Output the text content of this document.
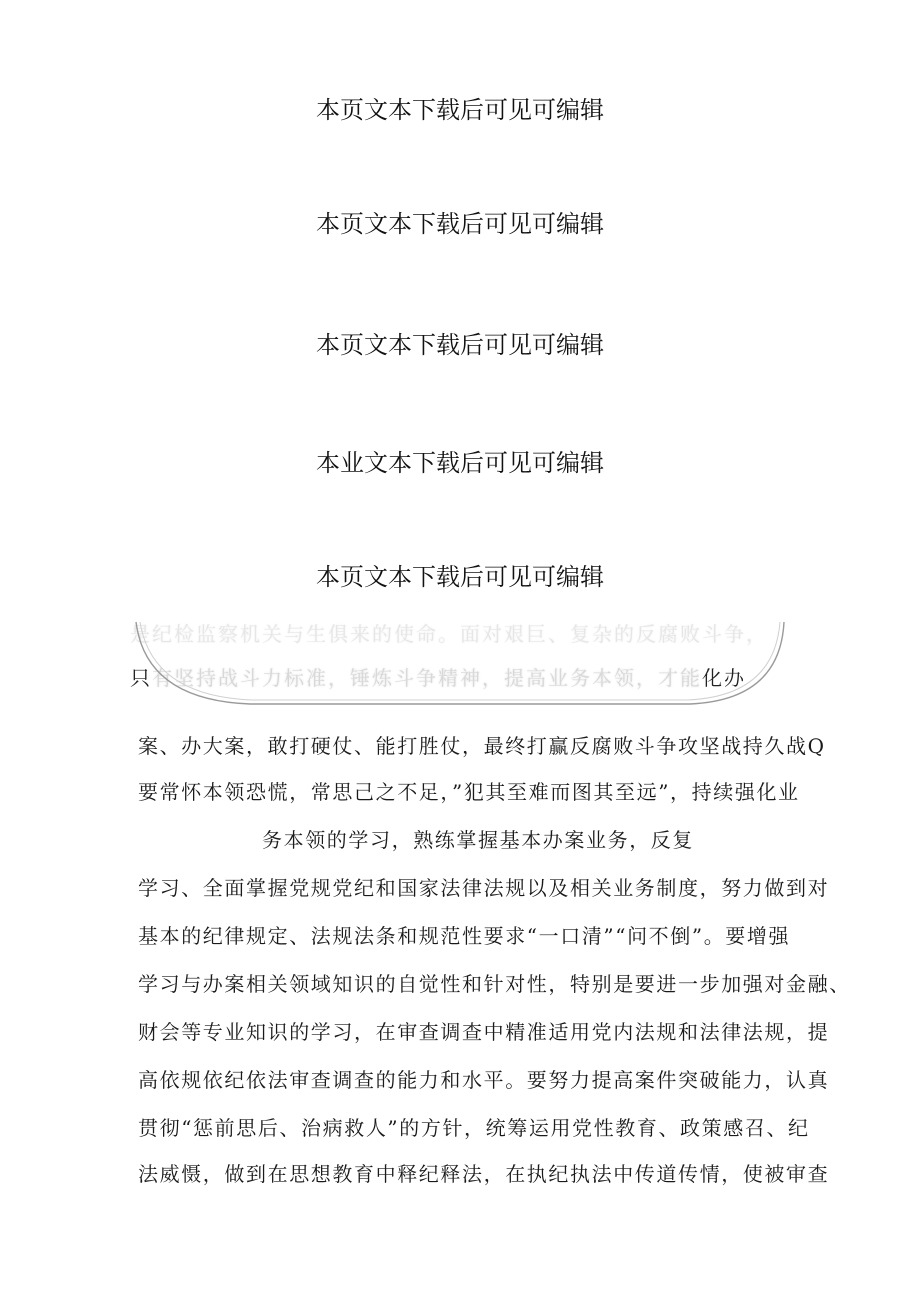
本页文本下载后可见可编辑
本页文本下载后可见可编辑
本页文本下载后可见可编辑
本业文本下载后可见可编辑
本页文本下载后可见可编辑
是纪检监察机关与生俱来的使命。面对艰巨、复杂的反腐败斗争，
只有坚持战斗力标准，锤炼斗争精神，提高业务本领，才能化办
案、办大案，敢打硬仗、能打胜仗，最终打赢反腐败斗争攻坚战持久战Q
要常怀本领恐慌，常思己之不足，”犯其至难而图其至远”，持续强化业
务本领的学习，熟练掌握基本办案业务，反复
学习、全面掌握党规党纪和国家法律法规以及相关业务制度，努力做到对
基本的纪律规定、法规法条和规范性要求“一口清”“问不倒”。要增强
学习与办案相关领域知识的自觉性和针对性，特别是要进一步加强对金融、
财会等专业知识的学习，在审查调查中精准适用党内法规和法律法规，提
高依规依纪依法审查调查的能力和水平。要努力提高案件突破能力，认真
贯彻“惩前思后、治病救人”的方针，统筹运用党性教育、政策感召、纪
法威慑，做到在思想教育中释纪释法，在执纪执法中传道传情，使被审查
